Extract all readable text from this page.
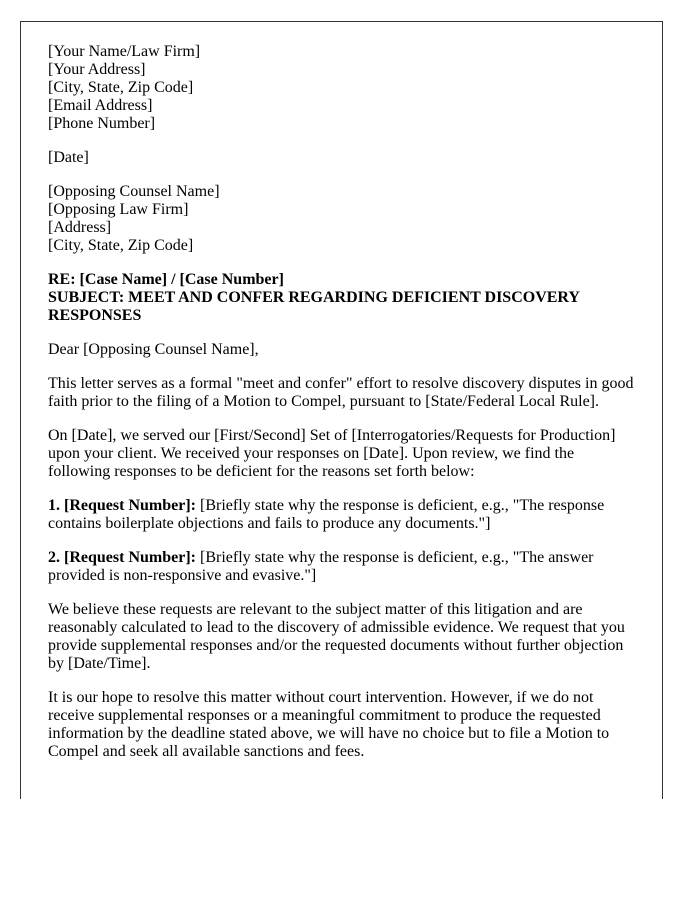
[Your Name/Law Firm]
[Your Address]
[City, State, Zip Code]
[Email Address]
[Phone Number]
[Date]
[Opposing Counsel Name]
[Opposing Law Firm]
[Address]
[City, State, Zip Code]
RE: [Case Name] / [Case Number]
SUBJECT: MEET AND CONFER REGARDING DEFICIENT DISCOVERY RESPONSES
Dear [Opposing Counsel Name],
This letter serves as a formal "meet and confer" effort to resolve discovery disputes in good faith prior to the filing of a Motion to Compel, pursuant to [State/Federal Local Rule].
On [Date], we served our [First/Second] Set of [Interrogatories/Requests for Production] upon your client. We received your responses on [Date]. Upon review, we find the following responses to be deficient for the reasons set forth below:
1. [Request Number]: [Briefly state why the response is deficient, e.g., "The response contains boilerplate objections and fails to produce any documents."]
2. [Request Number]: [Briefly state why the response is deficient, e.g., "The answer provided is non-responsive and evasive."]
We believe these requests are relevant to the subject matter of this litigation and are reasonably calculated to lead to the discovery of admissible evidence. We request that you provide supplemental responses and/or the requested documents without further objection by [Date/Time].
It is our hope to resolve this matter without court intervention. However, if we do not receive supplemental responses or a meaningful commitment to produce the requested information by the deadline stated above, we will have no choice but to file a Motion to Compel and seek all available sanctions and fees.
